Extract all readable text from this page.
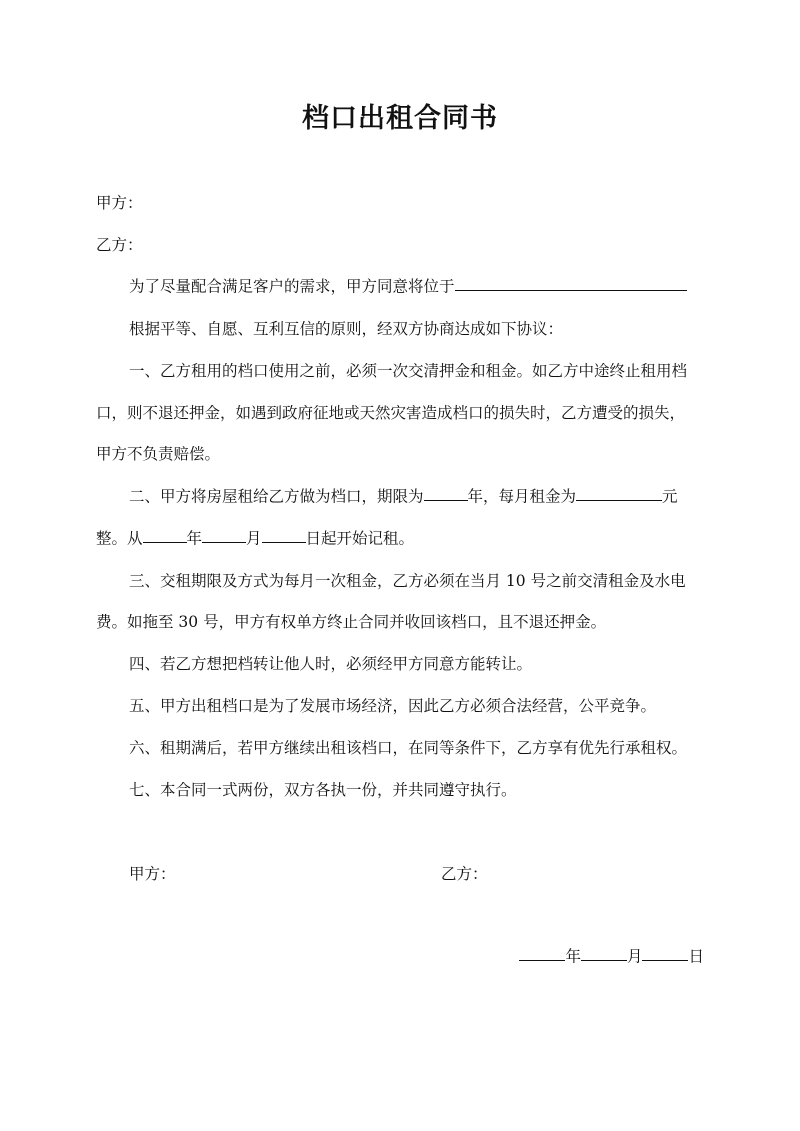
档口出租合同书
甲方：
乙方：
为了尽量配合满足客户的需求，甲方同意将位于
根据平等、自愿、互利互信的原则，经双方协商达成如下协议：
一、乙方租用的档口使用之前，必须一次交清押金和租金。如乙方中途终止租用档
口，则不退还押金，如遇到政府征地或天然灾害造成档口的损失时，乙方遭受的损失，
甲方不负责赔偿。
二、甲方将房屋租给乙方做为档口，期限为	年，每月租金为	元
整。从	年	月	日起开始记租。
三、交租期限及方式为每月一次租金，乙方必须在当月 10 号之前交清租金及水电
费。如拖至 30 号，甲方有权单方终止合同并收回该档口，且不退还押金。
四、若乙方想把档转让他人时，必须经甲方同意方能转让。
五、甲方出租档口是为了发展市场经济，因此乙方必须合法经营，公平竞争。
六、租期满后，若甲方继续出租该档口，在同等条件下，乙方享有优先行承租权。
七、本合同一式两份，双方各执一份，并共同遵守执行。
甲方：	乙方：
年	月	日
